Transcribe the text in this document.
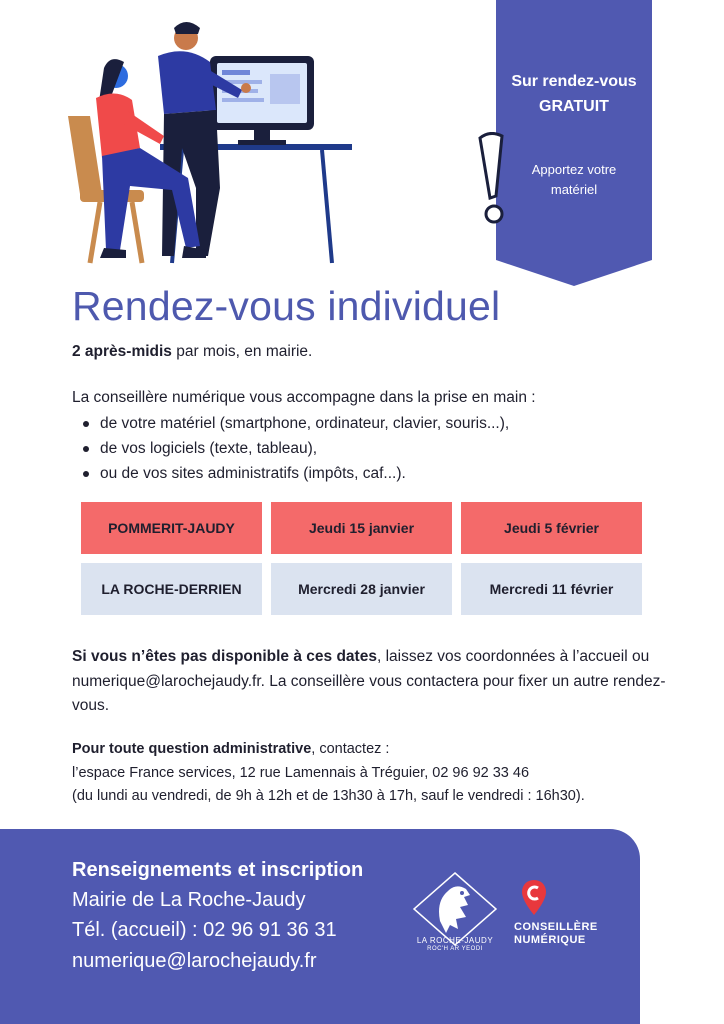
Sur rendez-vous
GRATUIT
Apportez votre
matériel
Rendez-vous individuel
2 après-midis par mois, en mairie.
La conseillère numérique vous accompagne dans la prise en main :
de votre matériel (smartphone, ordinateur, clavier, souris...),
de vos logiciels (texte, tableau),
ou de vos sites administratifs (impôts, caf...).
POMMERIT-JAUDY	Jeudi 15 janvier	Jeudi 5 février
LA ROCHE-DERRIEN	Mercredi 28 janvier	Mercredi 11 février
Si vous n’êtes pas disponible à ces dates, laissez vos coordonnées à l’accueil ou numerique@larochejaudy.fr. La conseillère vous contactera pour fixer un autre rendez-vous.
Pour toute question administrative, contactez :
l’espace France services, 12 rue Lamennais à Tréguier, 02 96 92 33 46
(du lundi au vendredi, de 9h à 12h et de 13h30 à 17h, sauf le vendredi : 16h30).
Renseignements et inscription
Mairie de La Roche-Jaudy
Tél. (accueil) : 02 96 91 36 31
numerique@larochejaudy.fr
LA ROCHE-JAUDY
ROC'H AR YEODI
CONSEILLÈRE
NUMÉRIQUE
